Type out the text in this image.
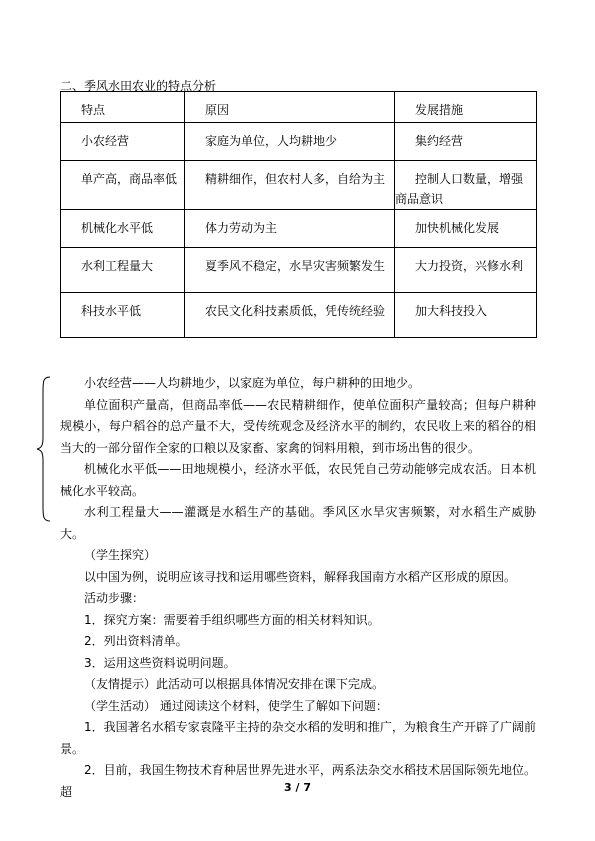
二、季风水田农业的特点分析
特点	原因	发展措施

小农经营	家庭为单位，人均耕地少	集约经营

单产高，商品率低	精耕细作，但农村人多，自给为主	控制人口数量，增强商品意识

机械化水平低	体力劳动为主	加快机械化发展

水利工程量大	夏季风不稳定，水旱灾害频繁发生	大力投资，兴修水利

科技水平低	农民文化科技素质低，凭传统经验	加大科技投入

小农经营——人均耕地少，以家庭为单位，每户耕种的田地少。

单位面积产量高，但商品率低——农民精耕细作，使单位面积产量较高；但每户耕种规模小，每户稻谷的总产量不大，受传统观念及经济水平的制约，农民收上来的稻谷的相当大的一部分留作全家的口粮以及家畜、家禽的饲料用粮，到市场出售的很少。

机械化水平低——田地规模小，经济水平低，农民凭自己劳动能够完成农活。日本机械化水平较高。

水利工程量大——灌溉是水稻生产的基础。季风区水旱灾害频繁，对水稻生产威胁大。

（学生探究）

以中国为例，说明应该寻找和运用哪些资料，解释我国南方水稻产区形成的原因。

活动步骤：

1．探究方案：需要着手组织哪些方面的相关材料知识。

2．列出资料清单。

3．运用这些资料说明问题。

（友情提示）此活动可以根据具体情况安排在课下完成。

（学生活动） 通过阅读这个材料，使学生了解如下问题：

1．我国著名水稻专家袁隆平主持的杂交水稻的发明和推广，为粮食生产开辟了广阔前景。

2．目前，我国生物技术育种居世界先进水平，两系法杂交水稻技术居国际领先地位。超	3 / 7
